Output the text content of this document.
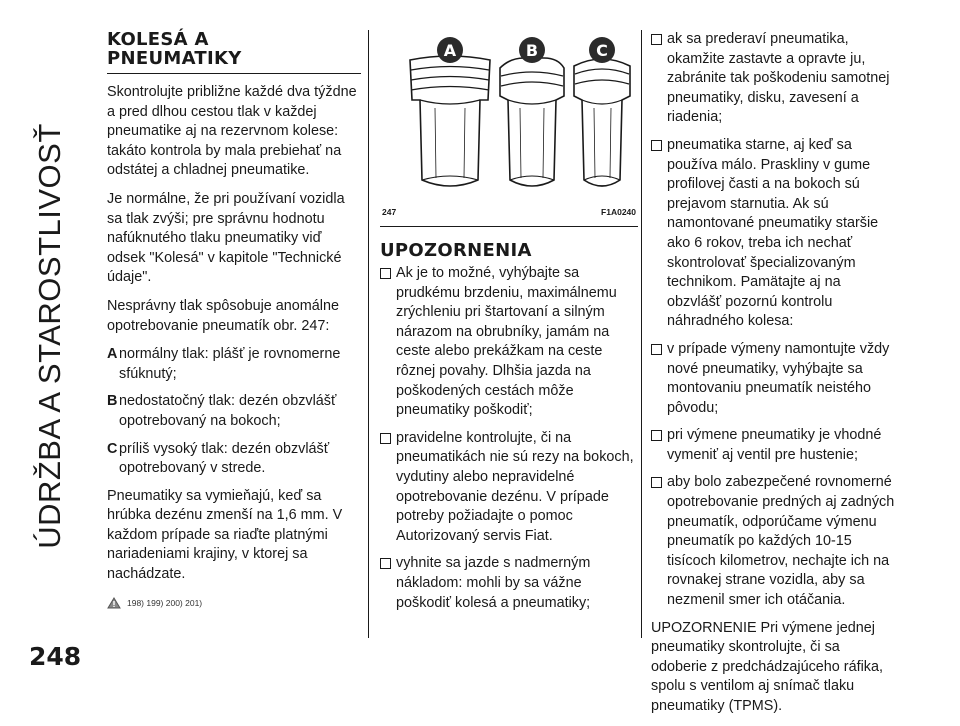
ÚDRŽBA A STAROSTLIVOSŤ
248
KOLESÁ A
PNEUMATIKY

Skontrolujte približne každé dva týždne a pred dlhou cestou tlak v každej pneumatike aj na rezervnom kolese: takáto kontrola by mala prebiehať na odstátej a chladnej pneumatike.

Je normálne, že pri používaní vozidla sa tlak zvýši; pre správnu hodnotu nafúknutého tlaku pneumatiky viď odsek "Kolesá" v kapitole "Technické údaje".

Nesprávny tlak spôsobuje anomálne opotrebovanie pneumatík obr. 247:

A normálny tlak: plášť je rovnomerne sfúknutý;
B nedostatočný tlak: dezén obzvlášť opotrebovaný na bokoch;
C príliš vysoký tlak: dezén obzvlášť opotrebovaný v strede.

Pneumatiky sa vymieňajú, keď sa hrúbka dezénu zmenší na 1,6 mm. V každom prípade sa riaďte platnými nariadeniami krajiny, v ktorej sa nachádzate.

198) 199) 200) 201)
A	B	C
247	F1A0240
UPOZORNENIA
Ak je to možné, vyhýbajte sa prudkému brzdeniu, maximálnemu zrýchleniu pri štartovaní a silným nárazom na obrubníky, jamám na ceste alebo prekážkam na ceste rôznej povahy. Dlhšia jazda na poškodených cestách môže pneumatiky poškodiť;
pravidelne kontrolujte, či na pneumatikách nie sú rezy na bokoch, vydutiny alebo nepravidelné opotrebovanie dezénu. V prípade potreby požiadajte o pomoc Autorizovaný servis Fiat.
vyhnite sa jazde s nadmerným nákladom: mohli by sa vážne poškodiť kolesá a pneumatiky;
ak sa prederaví pneumatika, okamžite zastavte a opravte ju, zabránite tak poškodeniu samotnej pneumatiky, disku, zavesení a riadenia;
pneumatika starne, aj keď sa používa málo. Praskliny v gume profilovej časti a na bokoch sú prejavom starnutia. Ak sú namontované pneumatiky staršie ako 6 rokov, treba ich nechať skontrolovať špecializovaným technikom. Pamätajte aj na obzvlášť pozornú kontrolu náhradného kolesa:
v prípade výmeny namontujte vždy nové pneumatiky, vyhýbajte sa montovaniu pneumatík neistého pôvodu;
pri výmene pneumatiky je vhodné vymeniť aj ventil pre hustenie;
aby bolo zabezpečené rovnomerné opotrebovanie predných aj zadných pneumatík, odporúčame výmenu pneumatík po každých 10-15 tisícoch kilometrov, nechajte ich na rovnakej strane vozidla, aby sa nezmenil smer ich otáčania.

UPOZORNENIE Pri výmene jednej pneumatiky skontrolujte, či sa odoberie z predchádzajúceho ráfika, spolu s ventilom aj snímač tlaku pneumatiky (TPMS).
